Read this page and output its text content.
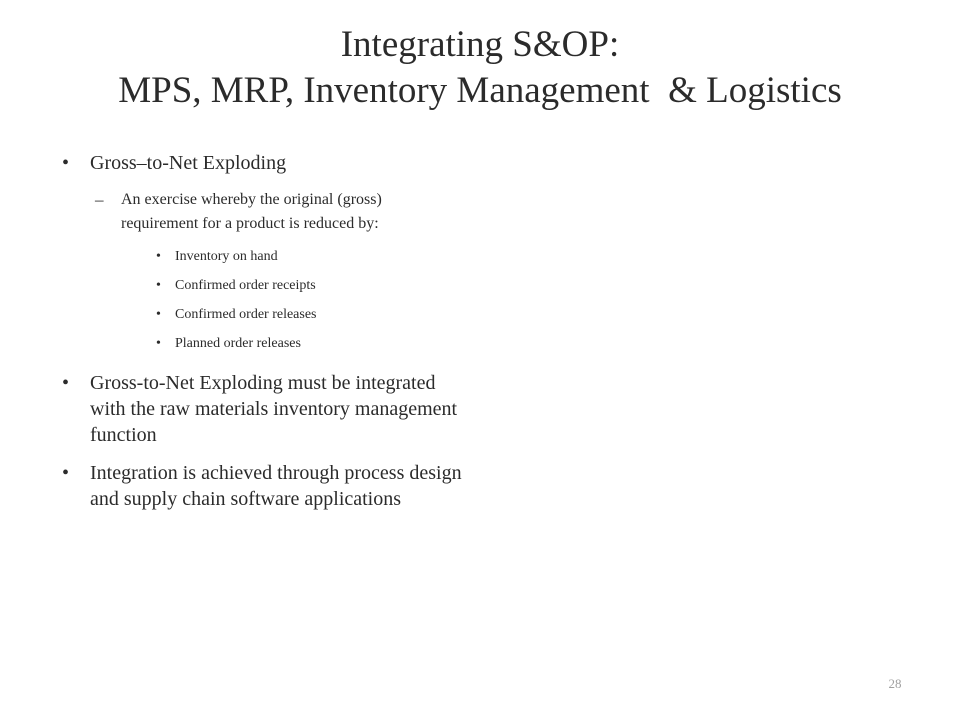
Integrating S&OP:
MPS, MRP, Inventory Management  & Logistics
• Gross–to-Net Exploding
– An exercise whereby the original (gross) requirement for a product is reduced by:
• Inventory on hand
• Confirmed order receipts
• Confirmed order releases
• Planned order releases
• Gross-to-Net Exploding must be integrated with the raw materials inventory management function
• Integration is achieved through process design and supply chain software applications
28
